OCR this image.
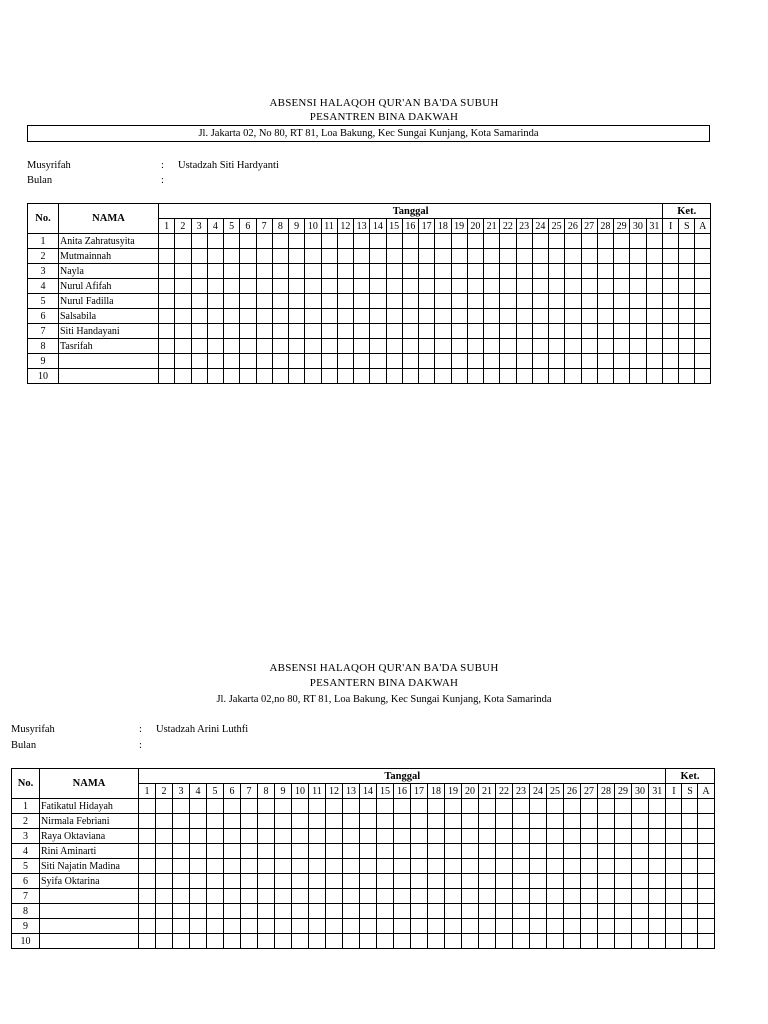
ABSENSI HALAQOH QUR'AN BA'DA SUBUH
PESANTREN BINA DAKWAH
Jl. Jakarta 02, No 80, RT 81, Loa Bakung, Kec Sungai Kunjang, Kota Samarinda
Musyrifah	: Ustadzah Siti Hardyanti
Bulan	:
No.	NAMA	Tanggal																															Ket.		
		1	2	3	4	5	6	7	8	9	10	11	12	13	14	15	16	17	18	19	20	21	22	23	24	25	26	27	28	29	30	31	I	S	A
1	Anita Zahratusyita																																		
2	Mutmainnah																																		
3	Nayla																																		
4	Nurul Afifah																																		
5	Nurul Fadilla																																		
6	Salsabila																																		
7	Siti Handayani																																		
8	Tasrifah																																		
9																																			
10																																			
ABSENSI HALAQOH QUR'AN BA'DA SUBUH
PESANTERN BINA DAKWAH
Jl. Jakarta 02,no 80, RT 81, Loa Bakung, Kec Sungai Kunjang, Kota Samarinda
Musyrifah	: Ustadzah Arini Luthfi
Bulan	:
No.	NAMA	Tanggal																															Ket.		
		1	2	3	4	5	6	7	8	9	10	11	12	13	14	15	16	17	18	19	20	21	22	23	24	25	26	27	28	29	30	31	I	S	A
1	Fatikatul Hidayah																																		
2	Nirmala Febriani																																		
3	Raya Oktaviana																																		
4	Rini Aminarti																																		
5	Siti Najatin Madina																																		
6	Syifa Oktarina																																		
7																																			
8																																			
9																																			
10																																			
